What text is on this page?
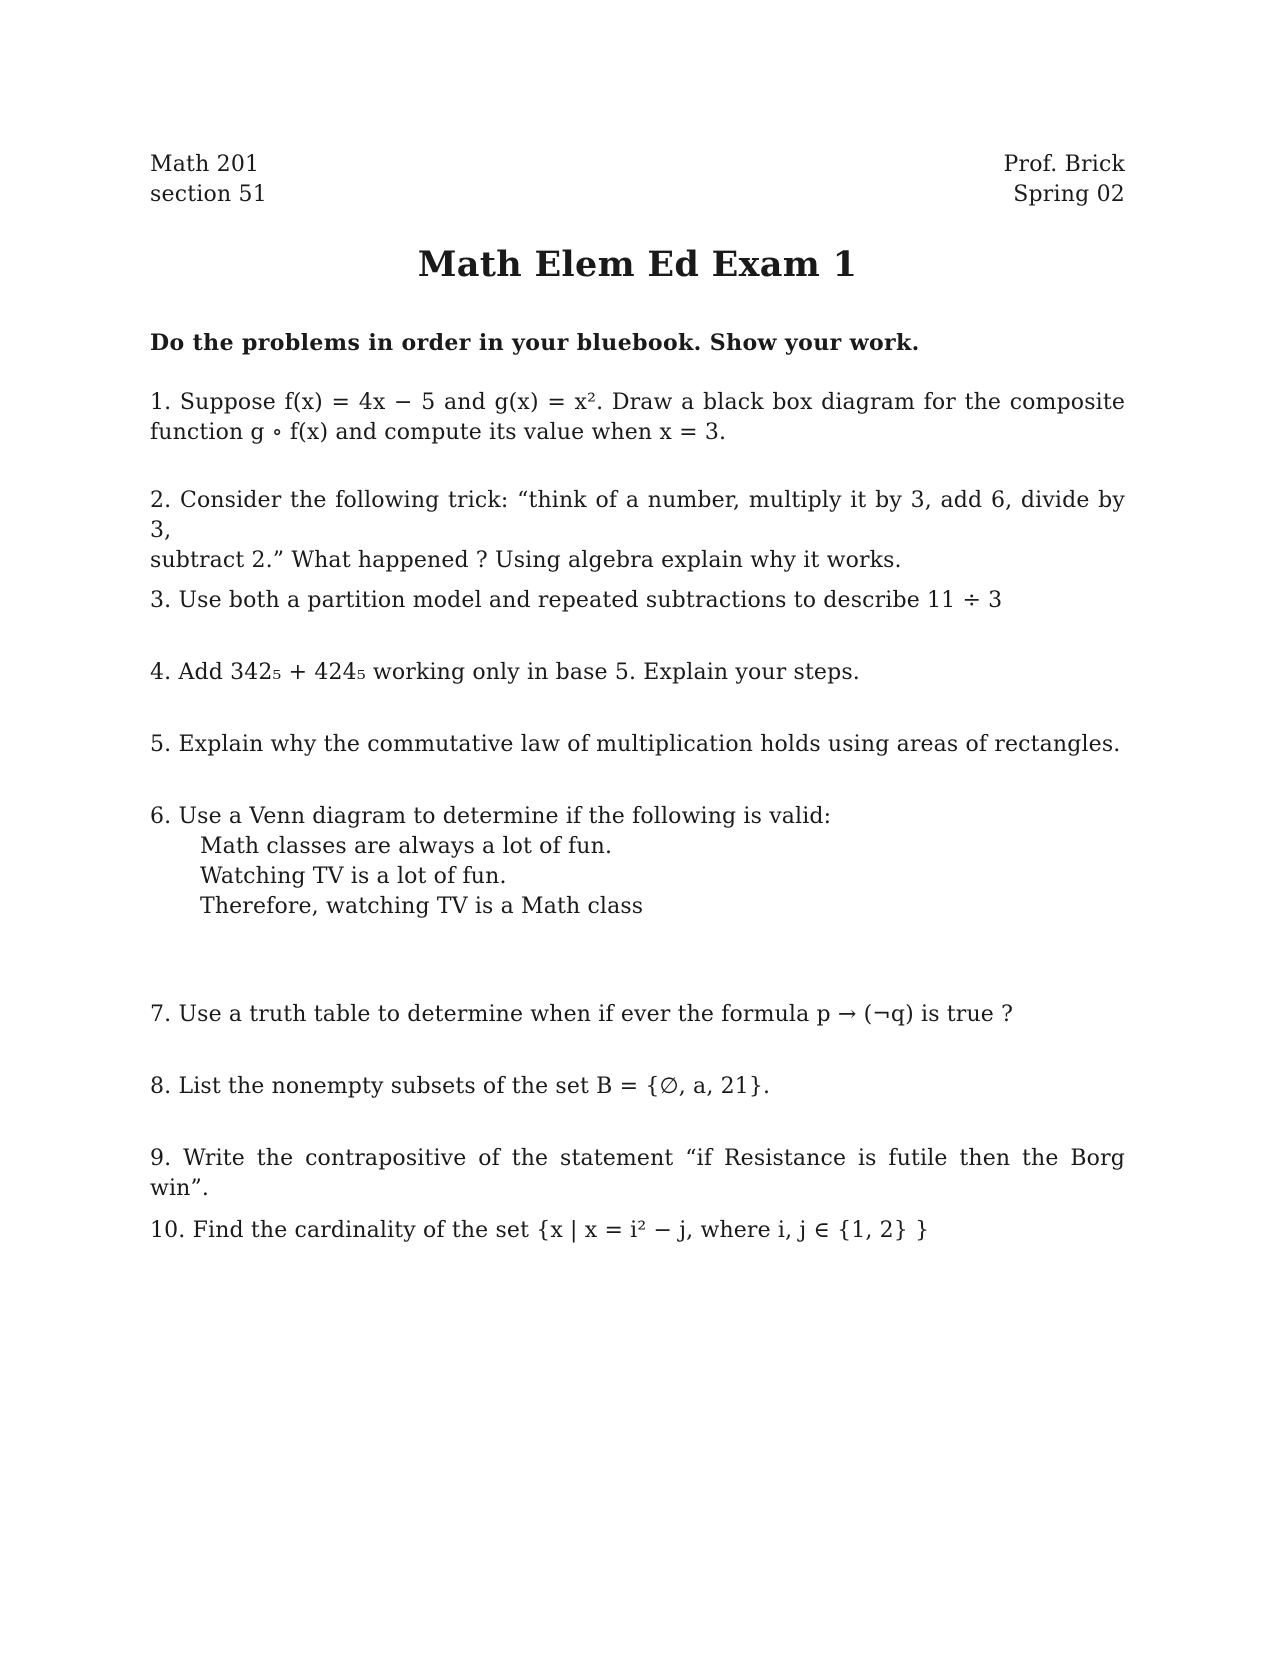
Math 201
section 51
Prof. Brick
Spring 02
Math Elem Ed Exam 1
Do the problems in order in your bluebook. Show your work.
1. Suppose f(x) = 4x − 5 and g(x) = x². Draw a black box diagram for the composite
function g ∘ f(x) and compute its value when x = 3.
2. Consider the following trick: “think of a number, multiply it by 3, add 6, divide by 3,
subtract 2.” What happened ? Using algebra explain why it works.
3. Use both a partition model and repeated subtractions to describe 11 ÷ 3
4. Add 342₅ + 424₅ working only in base 5. Explain your steps.
5. Explain why the commutative law of multiplication holds using areas of rectangles.
6. Use a Venn diagram to determine if the following is valid:
Math classes are always a lot of fun.
Watching TV is a lot of fun.
Therefore, watching TV is a Math class
7. Use a truth table to determine when if ever the formula p → (¬q) is true ?
8. List the nonempty subsets of the set B = {∅, a, 21}.
9. Write the contrapositive of the statement “if Resistance is futile then the Borg win”.
10. Find the cardinality of the set {x | x = i² − j, where i, j ∈ {1, 2} }
